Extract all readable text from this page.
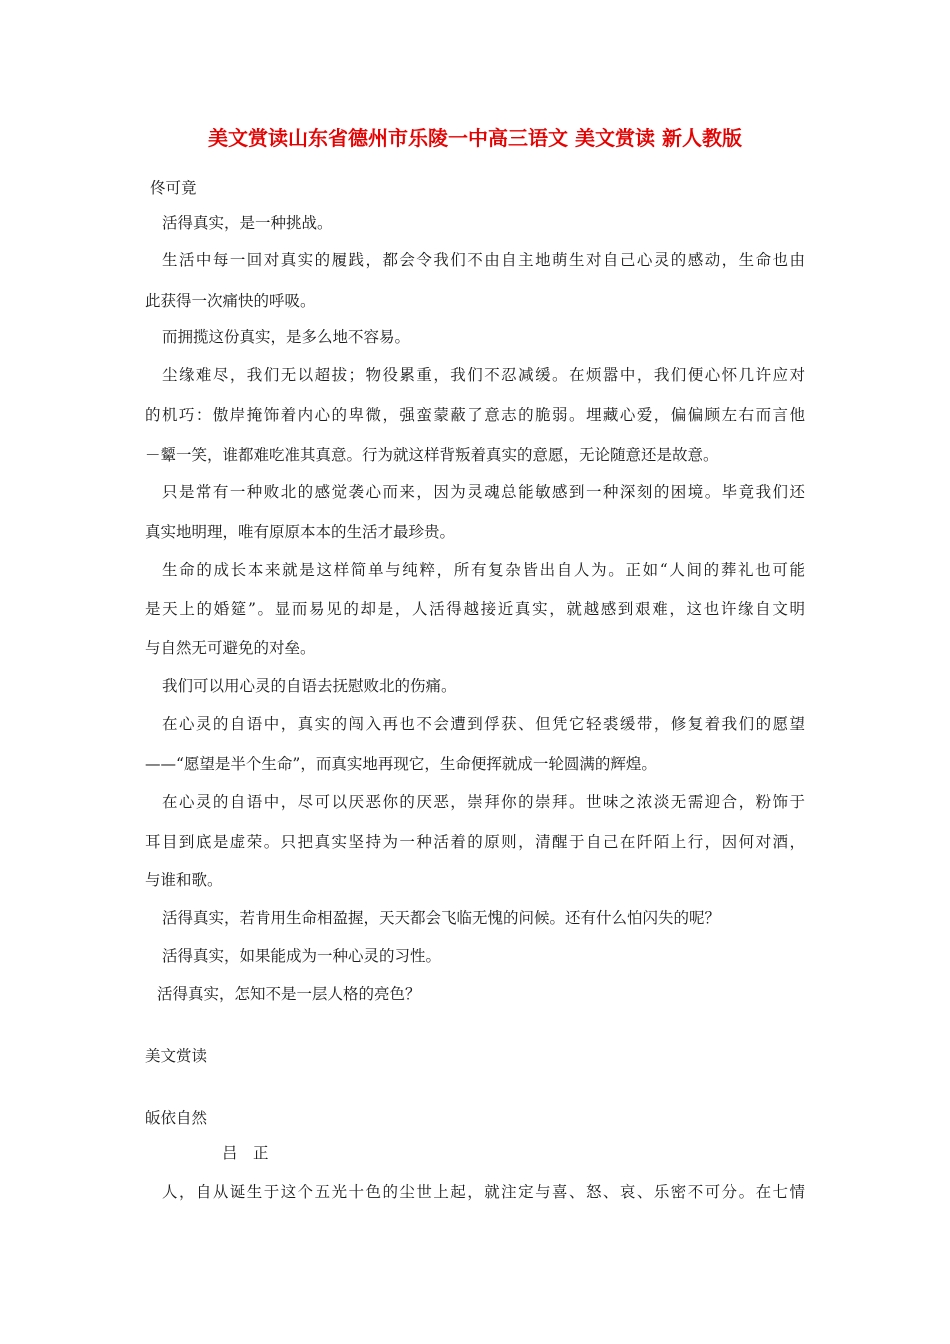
美文赏读山东省德州市乐陵一中高三语文 美文赏读 新人教版
佟可竟
活得真实，是一种挑战。
生活中每一回对真实的履践，都会令我们不由自主地萌生对自己心灵的感动，生命也由
此获得一次痛快的呼吸。
而拥揽这份真实，是多么地不容易。
尘缘难尽，我们无以超拔；物役累重，我们不忍减缓。在烦嚣中，我们便心怀几许应对
的机巧：傲岸掩饰着内心的卑微，强蛮蒙蔽了意志的脆弱。埋藏心爱，偏偏顾左右而言他
－颦一笑，谁都难吃准其真意。行为就这样背叛着真实的意愿，无论随意还是故意。
只是常有一种败北的感觉袭心而来，因为灵魂总能敏感到一种深刻的困境。毕竟我们还
真实地明理，唯有原原本本的生活才最珍贵。
生命的成长本来就是这样简单与纯粹，所有复杂皆出自人为。正如“人间的葬礼也可能
是天上的婚筵”。显而易见的却是，人活得越接近真实，就越感到艰难，这也许缘自文明
与自然无可避免的对垒。
我们可以用心灵的自语去抚慰败北的伤痛。
在心灵的自语中，真实的闯入再也不会遭到俘获、但凭它轻裘缓带，修复着我们的愿望
——“愿望是半个生命”，而真实地再现它，生命便挥就成一轮圆满的辉煌。
在心灵的自语中，尽可以厌恶你的厌恶，崇拜你的崇拜。世味之浓淡无需迎合，粉饰于
耳目到底是虚荣。只把真实坚持为一种活着的原则，清醒于自己在阡陌上行，因何对酒，
与谁和歌。
活得真实，若肯用生命相盈握，天天都会飞临无愧的问候。还有什么怕闪失的呢？
活得真实，如果能成为一种心灵的习性。
活得真实，怎知不是一层人格的亮色？
美文赏读
皈依自然
吕　正
人，自从诞生于这个五光十色的尘世上起，就注定与喜、怒、哀、乐密不可分。在七情
